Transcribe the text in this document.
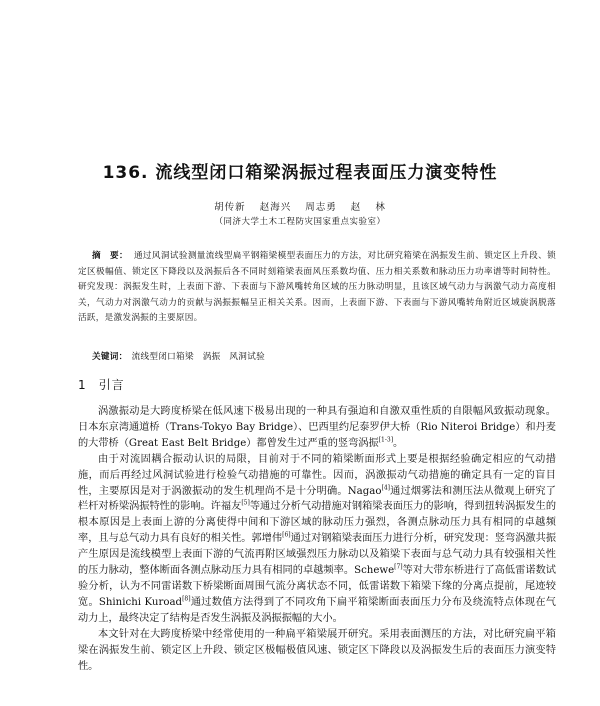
136. 流线型闭口箱梁涡振过程表面压力演变特性
胡传新 赵海兴 周志勇 赵 林
（同济大学土木工程防灾国家重点实验室）
摘　要： 通过风洞试验测量流线型扁平钢箱梁模型表面压力的方法，对比研究箱梁在涡振发生前、锁定区上升段、锁定区极幅值、锁定区下降段以及涡振后各不同时刻箱梁表面风压系数均值、压力相关系数和脉动压力功率谱等时间特性。研究发现：涡振发生时，上表面下游、下表面与下游风嘴转角区域的压力脉动明显，且该区域气动力与涡激气动力高度相关，气动力对涡激气动力的贡献与涡振振幅呈正相关关系。因而，上表面下游、下表面与下游风嘴转角附近区域旋涡脱落活跃，是激发涡振的主要原因。
关键词： 流线型闭口箱梁　涡振　风洞试验
1 引言

涡激振动是大跨度桥梁在低风速下极易出现的一种具有强迫和自激双重性质的自限幅风致振动现象。日本东京湾通道桥（Trans-Tokyo Bay Bridge）、巴西里约尼泰罗伊大桥（Rio Niteroi Bridge）和丹麦的大带桥（Great East Belt Bridge）都曾发生过严重的竖弯涡振[1-3]。

由于对流固耦合振动认识的局限，目前对于不同的箱梁断面形式上要是根据经验确定相应的气动措施，而后再经过风洞试验进行检验气动措施的可靠性。因而，涡激振动气动措施的确定具有一定的盲目性，主要原因是对于涡激振动的发生机理尚不是十分明确。Nagao[4]通过烟雾法和测压法从微观上研究了栏杆对桥梁涡振特性的影响。许福友[5]等通过分析气动措施对钢箱梁表面压力的影响，得到扭转涡振发生的根本原因是上表面上游的分离使得中间和下游区域的脉动压力强烈，各测点脉动压力具有相同的卓越频率，且与总气动力具有良好的相关性。郭增伟[6]通过对钢箱梁表面压力进行分析，研究发现：竖弯涡激共振产生原因是流线模型上表面下游的气流再附区域强烈压力脉动以及箱梁下表面与总气动力具有较强相关性的压力脉动，整体断面各测点脉动压力具有相同的卓越频率。Schewe[7]等对大带东桥进行了高低雷诺数试验分析，认为不同雷诺数下桥梁断面周围气流分离状态不同，低雷诺数下箱梁下缘的分离点提前，尾迹较宽。Shinichi Kuroad[8]通过数值方法得到了不同攻角下扁平箱梁断面表面压力分布及绕流特点体现在气动力上，最终决定了结构是否发生涡振及涡振振幅的大小。

本文针对在大跨度桥梁中经常使用的一种扁平箱梁展开研究。采用表面测压的方法，对比研究扁平箱梁在涡振发生前、锁定区上升段、锁定区极幅极值风速、锁定区下降段以及涡振发生后的表面压力演变特性。
